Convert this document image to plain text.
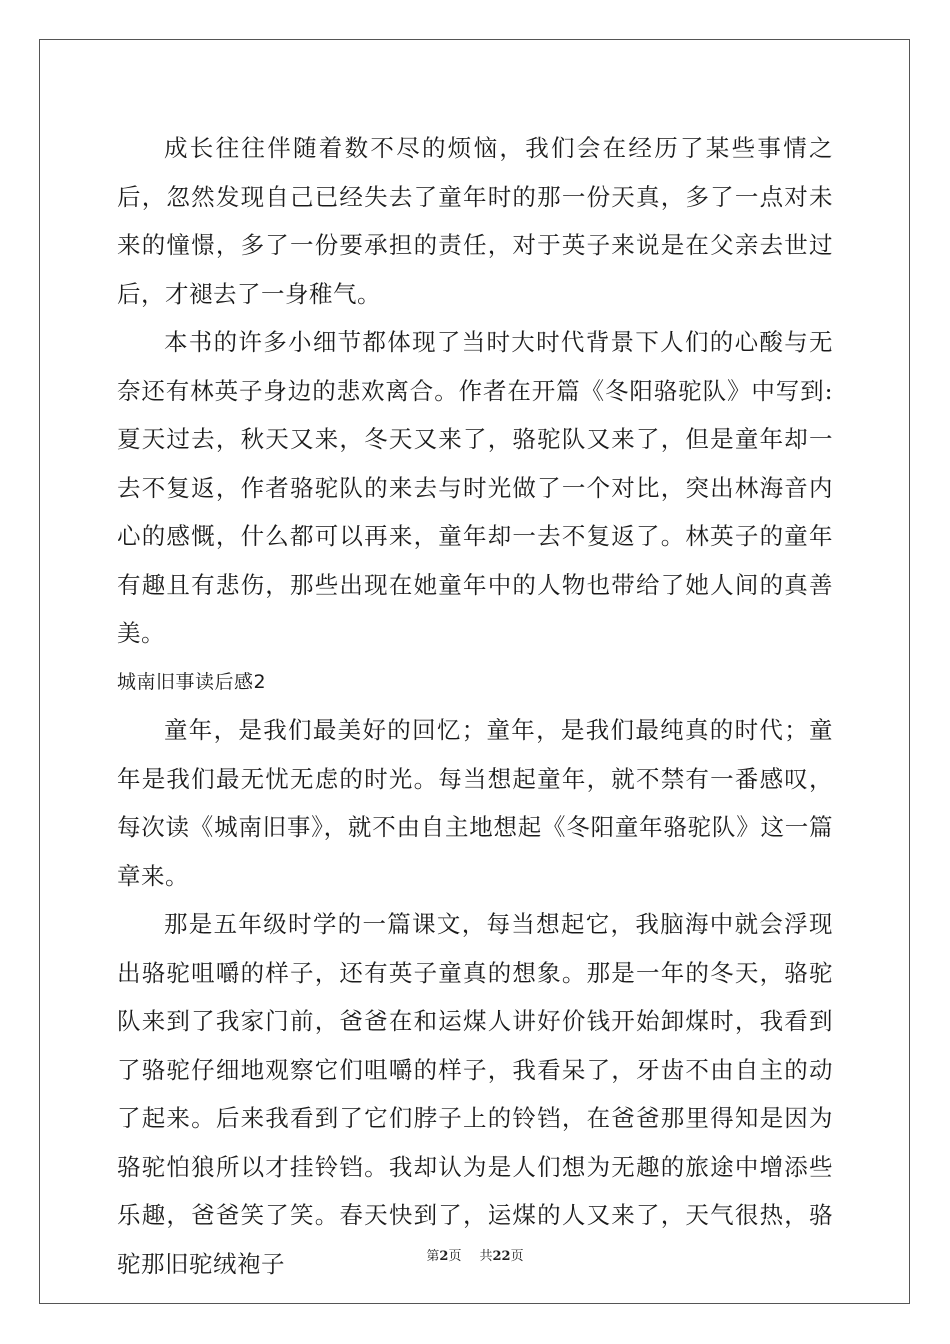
成长往往伴随着数不尽的烦恼，我们会在经历了某些事情之后，忽然发现自己已经失去了童年时的那一份天真，多了一点对未来的憧憬，多了一份要承担的责任，对于英子来说是在父亲去世过后，才褪去了一身稚气。

本书的许多小细节都体现了当时大时代背景下人们的心酸与无奈还有林英子身边的悲欢离合。作者在开篇《冬阳骆驼队》中写到:夏天过去，秋天又来，冬天又来了，骆驼队又来了，但是童年却一去不复返，作者骆驼队的来去与时光做了一个对比，突出林海音内心的感慨，什么都可以再来，童年却一去不复返了。林英子的童年有趣且有悲伤，那些出现在她童年中的人物也带给了她人间的真善美。

城南旧事读后感2

童年，是我们最美好的回忆；童年，是我们最纯真的时代；童年是我们最无忧无虑的时光。每当想起童年，就不禁有一番感叹，每次读《城南旧事》，就不由自主地想起《冬阳童年骆驼队》这一篇章来。

那是五年级时学的一篇课文，每当想起它，我脑海中就会浮现出骆驼咀嚼的样子，还有英子童真的想象。那是一年的冬天，骆驼队来到了我家门前，爸爸在和运煤人讲好价钱开始卸煤时，我看到了骆驼仔细地观察它们咀嚼的样子，我看呆了，牙齿不由自主的动了起来。后来我看到了它们脖子上的铃铛，在爸爸那里得知是因为骆驼怕狼所以才挂铃铛。我却认为是人们想为无趣的旅途中增添些乐趣，爸爸笑了笑。春天快到了，运煤的人又来了，天气很热，骆驼那旧驼绒袍子	第2页 共22页
